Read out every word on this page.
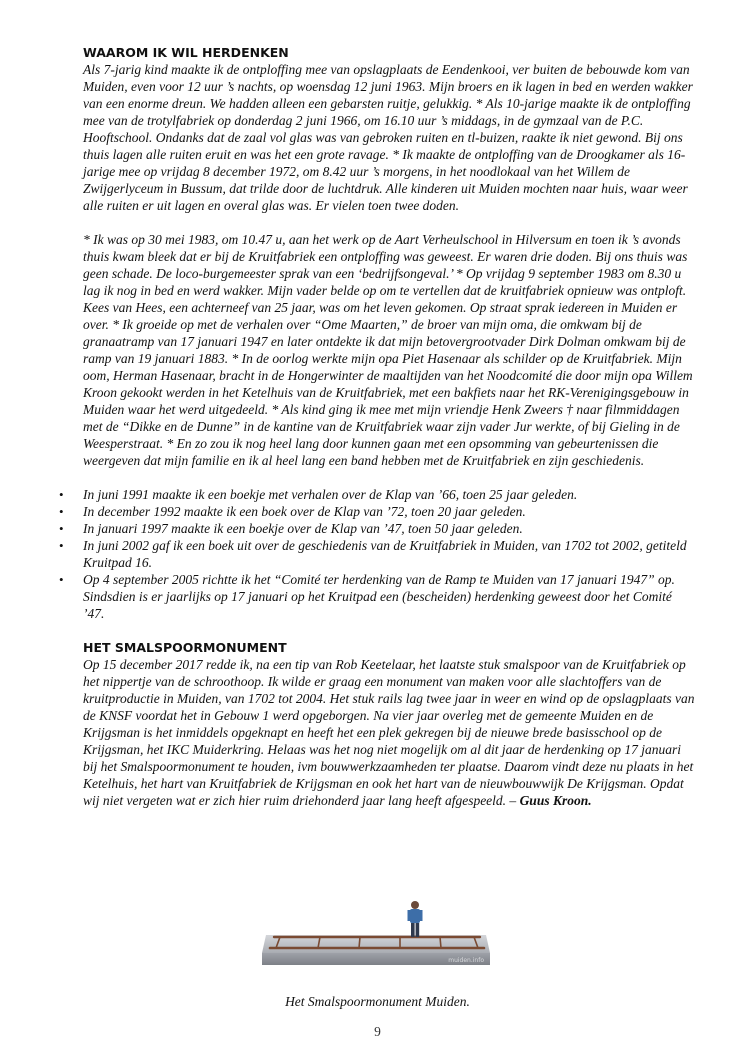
WAAROM IK WIL HERDENKEN

Als 7-jarig kind maakte ik de ontploffing mee van opslagplaats de Eendenkooi, ver buiten de bebouwde kom van Muiden, even voor 12 uur ’s nachts, op woensdag 12 juni 1963. Mijn broers en ik lagen in bed en werden wakker van een enorme dreun. We hadden alleen een gebarsten ruitje, gelukkig. * Als 10-jarige maakte ik de ontploffing mee van de trotylfabriek op donderdag 2 juni 1966, om 16.10 uur ’s middags, in de gymzaal van de P.C. Hooftschool. Ondanks dat de zaal vol glas was van gebroken ruiten en tl-buizen, raakte ik niet gewond. Bij ons thuis lagen alle ruiten eruit en was het een grote ravage. * Ik maakte de ontploffing van de Droogkamer als 16-jarige mee op vrijdag 8 december 1972, om 8.42 uur ’s morgens, in het noodlokaal van het Willem de Zwijgerlyceum in Bussum, dat trilde door de luchtdruk. Alle kinderen uit Muiden mochten naar huis, waar weer alle ruiten er uit lagen en overal glas was. Er vielen toen twee doden.

* Ik was op 30 mei 1983, om 10.47 u, aan het werk op de Aart Verheulschool in Hilversum en toen ik ’s avonds thuis kwam bleek dat er bij de Kruitfabriek een ontploffing was geweest. Er waren drie doden. Bij ons thuis was geen schade. De loco-burgemeester sprak van een ‘bedrijfsongeval.’ * Op vrijdag 9 september 1983 om 8.30 u lag ik nog in bed en werd wakker. Mijn vader belde op om te vertellen dat de kruitfabriek opnieuw was ontploft. Kees van Hees, een achterneef van 25 jaar, was om het leven gekomen. Op straat sprak iedereen in Muiden er over. * Ik groeide op met de verhalen over “Ome Maarten,” de broer van mijn oma, die omkwam bij de granaatramp van 17 januari 1947 en later ontdekte ik dat mijn betovergrootvader Dirk Dolman omkwam bij de ramp van 19 januari 1883. * In de oorlog werkte mijn opa Piet Hasenaar als schilder op de Kruitfabriek. Mijn oom, Herman Hasenaar, bracht in de Hongerwinter de maaltijden van het Noodcomité die door mijn opa Willem Kroon gekookt werden in het Ketelhuis van de Kruitfabriek, met een bakfiets naar het RK-Verenigingsgebouw in Muiden waar het werd uitgedeeld. * Als kind ging ik mee met mijn vriendje Henk Zweers † naar filmmiddagen met de “Dikke en de Dunne” in de kantine van de Kruitfabriek waar zijn vader Jur werkte, of bij Gieling in de Weesperstraat. * En zo zou ik nog heel lang door kunnen gaan met een opsomming van gebeurtenissen die weergeven dat mijn familie en ik al heel lang een band hebben met de Kruitfabriek en zijn geschiedenis.

• In juni 1991 maakte ik een boekje met verhalen over de Klap van ’66, toen 25 jaar geleden.
• In december 1992 maakte ik een boek over de Klap van ’72, toen 20 jaar geleden.
• In januari 1997 maakte ik een boekje over de Klap van ’47, toen 50 jaar geleden.
• In juni 2002 gaf ik een boek uit over de geschiedenis van de Kruitfabriek in Muiden, van 1702 tot 2002, getiteld Kruitpad 16.
• Op 4 september 2005 richtte ik het “Comité ter herdenking van de Ramp te Muiden van 17 januari 1947” op. Sindsdien is er jaarlijks op 17 januari op het Kruitpad een (bescheiden) herdenking geweest door het Comité ’47.
HET SMALSPOORMONUMENT

Op 15 december 2017 redde ik, na een tip van Rob Keetelaar, het laatste stuk smalspoor van de Kruitfabriek op het nippertje van de schroothoop. Ik wilde er graag een monument van maken voor alle slachtoffers van de kruitproductie in Muiden, van 1702 tot 2004. Het stuk rails lag twee jaar in weer en wind op de opslagplaats van de KNSF voordat het in Gebouw 1 werd opgeborgen. Na vier jaar overleg met de gemeente Muiden en de Krijgsman is het inmiddels opgeknapt en heeft het een plek gekregen bij de nieuwe brede basisschool op de Krijgsman, het IKC Muiderkring. Helaas was het nog niet mogelijk om al dit jaar de herdenking op 17 januari bij het Smalspoormonument te houden, ivm bouwwerkzaamheden ter plaatse. Daarom vindt deze nu plaats in het Ketelhuis, het hart van Kruitfabriek de Krijgsman en ook het hart van de nieuwbouwwijk De Krijgsman. Opdat wij niet vergeten wat er zich hier ruim driehonderd jaar lang heeft afgespeeld. – Guus Kroon.

muiden.info
Het Smalspoormonument Muiden.
9
